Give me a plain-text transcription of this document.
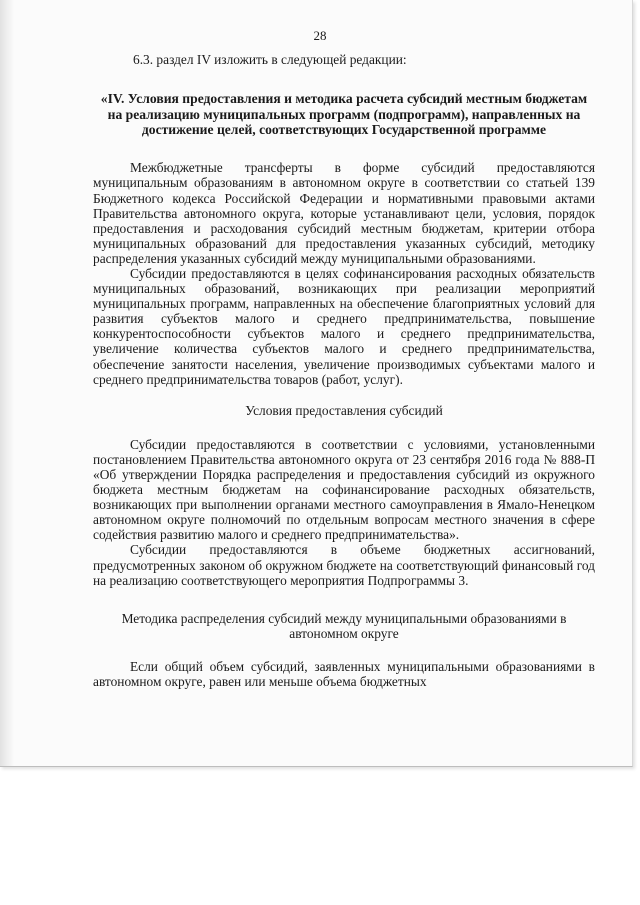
28

6.3. раздел IV изложить в следующей редакции:

«IV. Условия предоставления и методика расчета субсидий местным бюджетам на реализацию муниципальных программ (подпрограмм), направленных на достижение целей, соответствующих Государственной программе

Межбюджетные трансферты в форме субсидий предоставляются муниципальным образованиям в автономном округе в соответствии со статьей 139 Бюджетного кодекса Российской Федерации и нормативными правовыми актами Правительства автономного округа, которые устанавливают цели, условия, порядок предоставления и расходования субсидий местным бюджетам, критерии отбора муниципальных образований для предоставления указанных субсидий, методику распределения указанных субсидий между муниципальными образованиями.

Субсидии предоставляются в целях софинансирования расходных обязательств муниципальных образований, возникающих при реализации мероприятий муниципальных программ, направленных на обеспечение благоприятных условий для развития субъектов малого и среднего предпринимательства, повышение конкурентоспособности субъектов малого и среднего предпринимательства, увеличение количества субъектов малого и среднего предпринимательства, обеспечение занятости населения, увеличение производимых субъектами малого и среднего предпринимательства товаров (работ, услуг).

Условия предоставления субсидий

Субсидии предоставляются в соответствии с условиями, установленными постановлением Правительства автономного округа от 23 сентября 2016 года № 888-П «Об утверждении Порядка распределения и предоставления субсидий из окружного бюджета местным бюджетам на софинансирование расходных обязательств, возникающих при выполнении органами местного самоуправления в Ямало-Ненецком автономном округе полномочий по отдельным вопросам местного значения в сфере содействия развитию малого и среднего предпринимательства».

Субсидии предоставляются в объеме бюджетных ассигнований, предусмотренных законом об окружном бюджете на соответствующий финансовый год на реализацию соответствующего мероприятия Подпрограммы 3.

Методика распределения субсидий между муниципальными образованиями в автономном округе

Если общий объем субсидий, заявленных муниципальными образованиями в автономном округе, равен или меньше объема бюджетных
